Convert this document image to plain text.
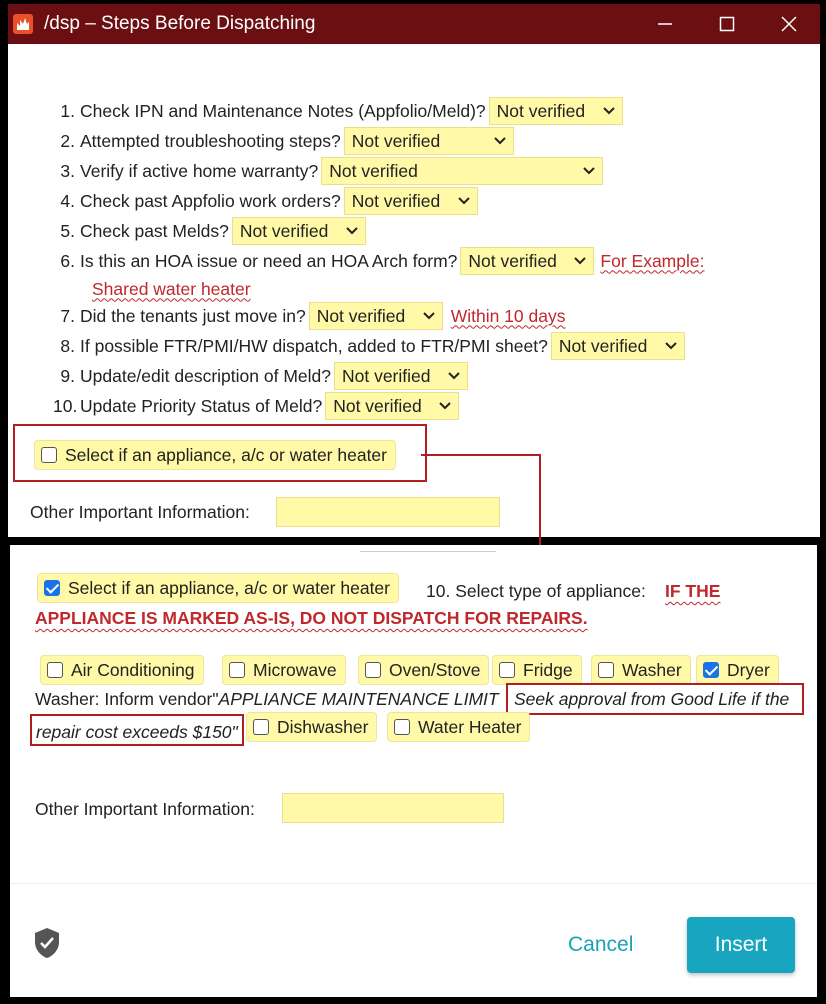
/dsp – Steps Before Dispatching
1. Check IPN and Maintenance Notes (Appfolio/Meld)? Not verified
2. Attempted troubleshooting steps? Not verified
3. Verify if active home warranty? Not verified
4. Check past Appfolio work orders? Not verified
5. Check past Melds? Not verified
6. Is this an HOA issue or need an HOA Arch form? Not verified For Example:
Shared water heater
7. Did the tenants just move in? Not verified	Within 10 days
8. If possible FTR/PMI/HW dispatch, added to FTR/PMI sheet? Not verified
9. Update/edit description of Meld? Not verified
10. Update Priority Status of Meld? Not verified
Select if an appliance, a/c or water heater
Other Important Information:
Select if an appliance, a/c or water heater 10. Select type of appliance: IF THE
APPLIANCE IS MARKED AS-IS, DO NOT DISPATCH FOR REPAIRS.
Air Conditioning	Microwave	Oven/Stove Fridge	Washer	Dryer
Washer: Inform vendor"APPLIANCE MAINTENANCE LIMIT Seek approval from Good Life if the
repair cost exceeds $150" Dishwasher	Water Heater
Other Important Information:
Cancel	Insert
